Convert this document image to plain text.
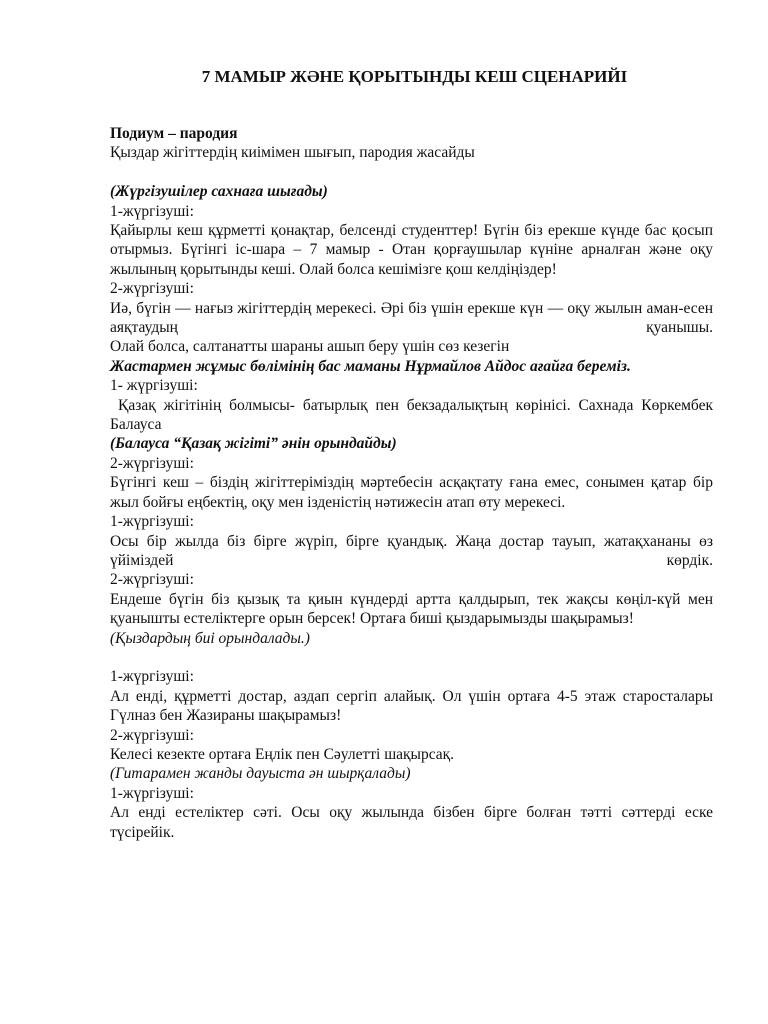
7 МАМЫР ЖӘНЕ ҚОРЫТЫНДЫ КЕШ СЦЕНАРИЙІ

Подиум – пародия

Қыздар жігіттердің киімімен шығып, пародия жасайды

(Жүргізушілер сахнаға шығады)

1-жүргізуші:

Қайырлы кеш құрметті қонақтар, белсенді студенттер! Бүгін біз ерекше күнде бас қосып отырмыз. Бүгінгі іс-шара – 7 мамыр - Отан қорғаушылар күніне арналған және оқу жылының қорытынды кеші. Олай болса кешімізге қош келдіңіздер!

2-жүргізуші:

Иә, бүгін — нағыз жігіттердің мерекесі. Әрі біз үшін ерекше күн — оқу жылын аман-есен аяқтаудың қуанышы.

Олай болса, салтанатты шараны ашып беру үшін сөз кезегін

Жастармен жұмыс бөлімінің бас маманы Нұрмайлов Айдос ағайға береміз.

1- жүргізуші:

Қазақ жігітінің болмысы- батырлық пен бекзадалықтың көрінісі. Сахнада Көркембек Балауса

(Балауса “Қазақ жігіті” әнін орындайды)

2-жүргізуші:

Бүгінгі кеш – біздің жігіттеріміздің мәртебесін асқақтату ғана емес, сонымен қатар бір жыл бойғы еңбектің, оқу мен ізденістің нәтижесін атап өту мерекесі.

1-жүргізуші:

Осы бір жылда біз бірге жүріп, бірге қуандық. Жаңа достар тауып, жатақхананы өз үйіміздей көрдік.

2-жүргізуші:

Ендеше бүгін біз қызық та қиын күндерді артта қалдырып, тек жақсы көңіл-күй мен қуанышты естеліктерге орын берсек! Ортаға биші қыздарымызды шақырамыз!

(Қыздардың биі орындалады.)

1-жүргізуші:

Ал енді, құрметті достар, аздап сергіп алайық. Ол үшін ортаға 4-5 этаж старосталары Гүлназ бен Жазираны шақырамыз!

2-жүргізуші:

Келесі кезекте ортаға Еңлік пен Сәулетті шақырсақ.

(Гитарамен жанды дауыста ән шырқалады)

1-жүргізуші:

Ал енді естеліктер сәті. Осы оқу жылында бізбен бірге болған тәтті сәттерді еске түсірейік.
